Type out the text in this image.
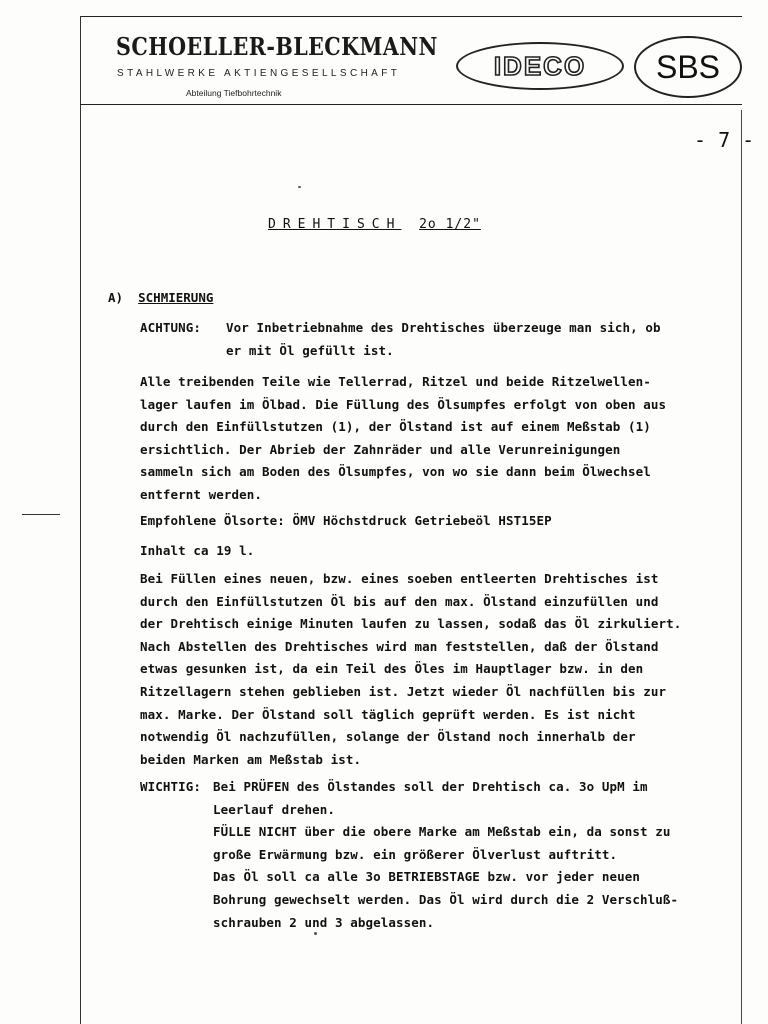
SCHOELLER-BLECKMANN
STAHLWERKE AKTIENGESELLSCHAFT
Abteilung Tiefbohrtechnik
IDECO SBS
- 7 -
DREHTISCH 2o 1/2"
A) SCHMIERUNG
ACHTUNG: Vor Inbetriebnahme des Drehtisches überzeuge man sich, ob
er mit Öl gefüllt ist.
Alle treibenden Teile wie Tellerrad, Ritzel und beide Ritzelwellen-
lager laufen im Ölbad. Die Füllung des Ölsumpfes erfolgt von oben aus
durch den Einfüllstutzen (1), der Ölstand ist auf einem Meßstab (1)
ersichtlich. Der Abrieb der Zahnräder und alle Verunreinigungen
sammeln sich am Boden des Ölsumpfes, von wo sie dann beim Ölwechsel
entfernt werden.
Empfohlene Ölsorte: ÖMV Höchstdruck Getriebeöl HST15EP
Inhalt ca 19 l.
Bei Füllen eines neuen, bzw. eines soeben entleerten Drehtisches ist
durch den Einfüllstutzen Öl bis auf den max. Ölstand einzufüllen und
der Drehtisch einige Minuten laufen zu lassen, sodaß das Öl zirkuliert.
Nach Abstellen des Drehtisches wird man feststellen, daß der Ölstand
etwas gesunken ist, da ein Teil des Öles im Hauptlager bzw. in den
Ritzellagern stehen geblieben ist. Jetzt wieder Öl nachfüllen bis zur
max. Marke. Der Ölstand soll täglich geprüft werden. Es ist nicht
notwendig Öl nachzufüllen, solange der Ölstand noch innerhalb der
beiden Marken am Meßstab ist.
WICHTIG: Bei PRÜFEN des Ölstandes soll der Drehtisch ca. 3o UpM im
Leerlauf drehen.
FÜLLE NICHT über die obere Marke am Meßstab ein, da sonst zu
große Erwärmung bzw. ein größerer Ölverlust auftritt.
Das Öl soll ca alle 3o BETRIEBSTAGE bzw. vor jeder neuen
Bohrung gewechselt werden. Das Öl wird durch die 2 Verschluß-
schrauben 2 und 3 abgelassen.
